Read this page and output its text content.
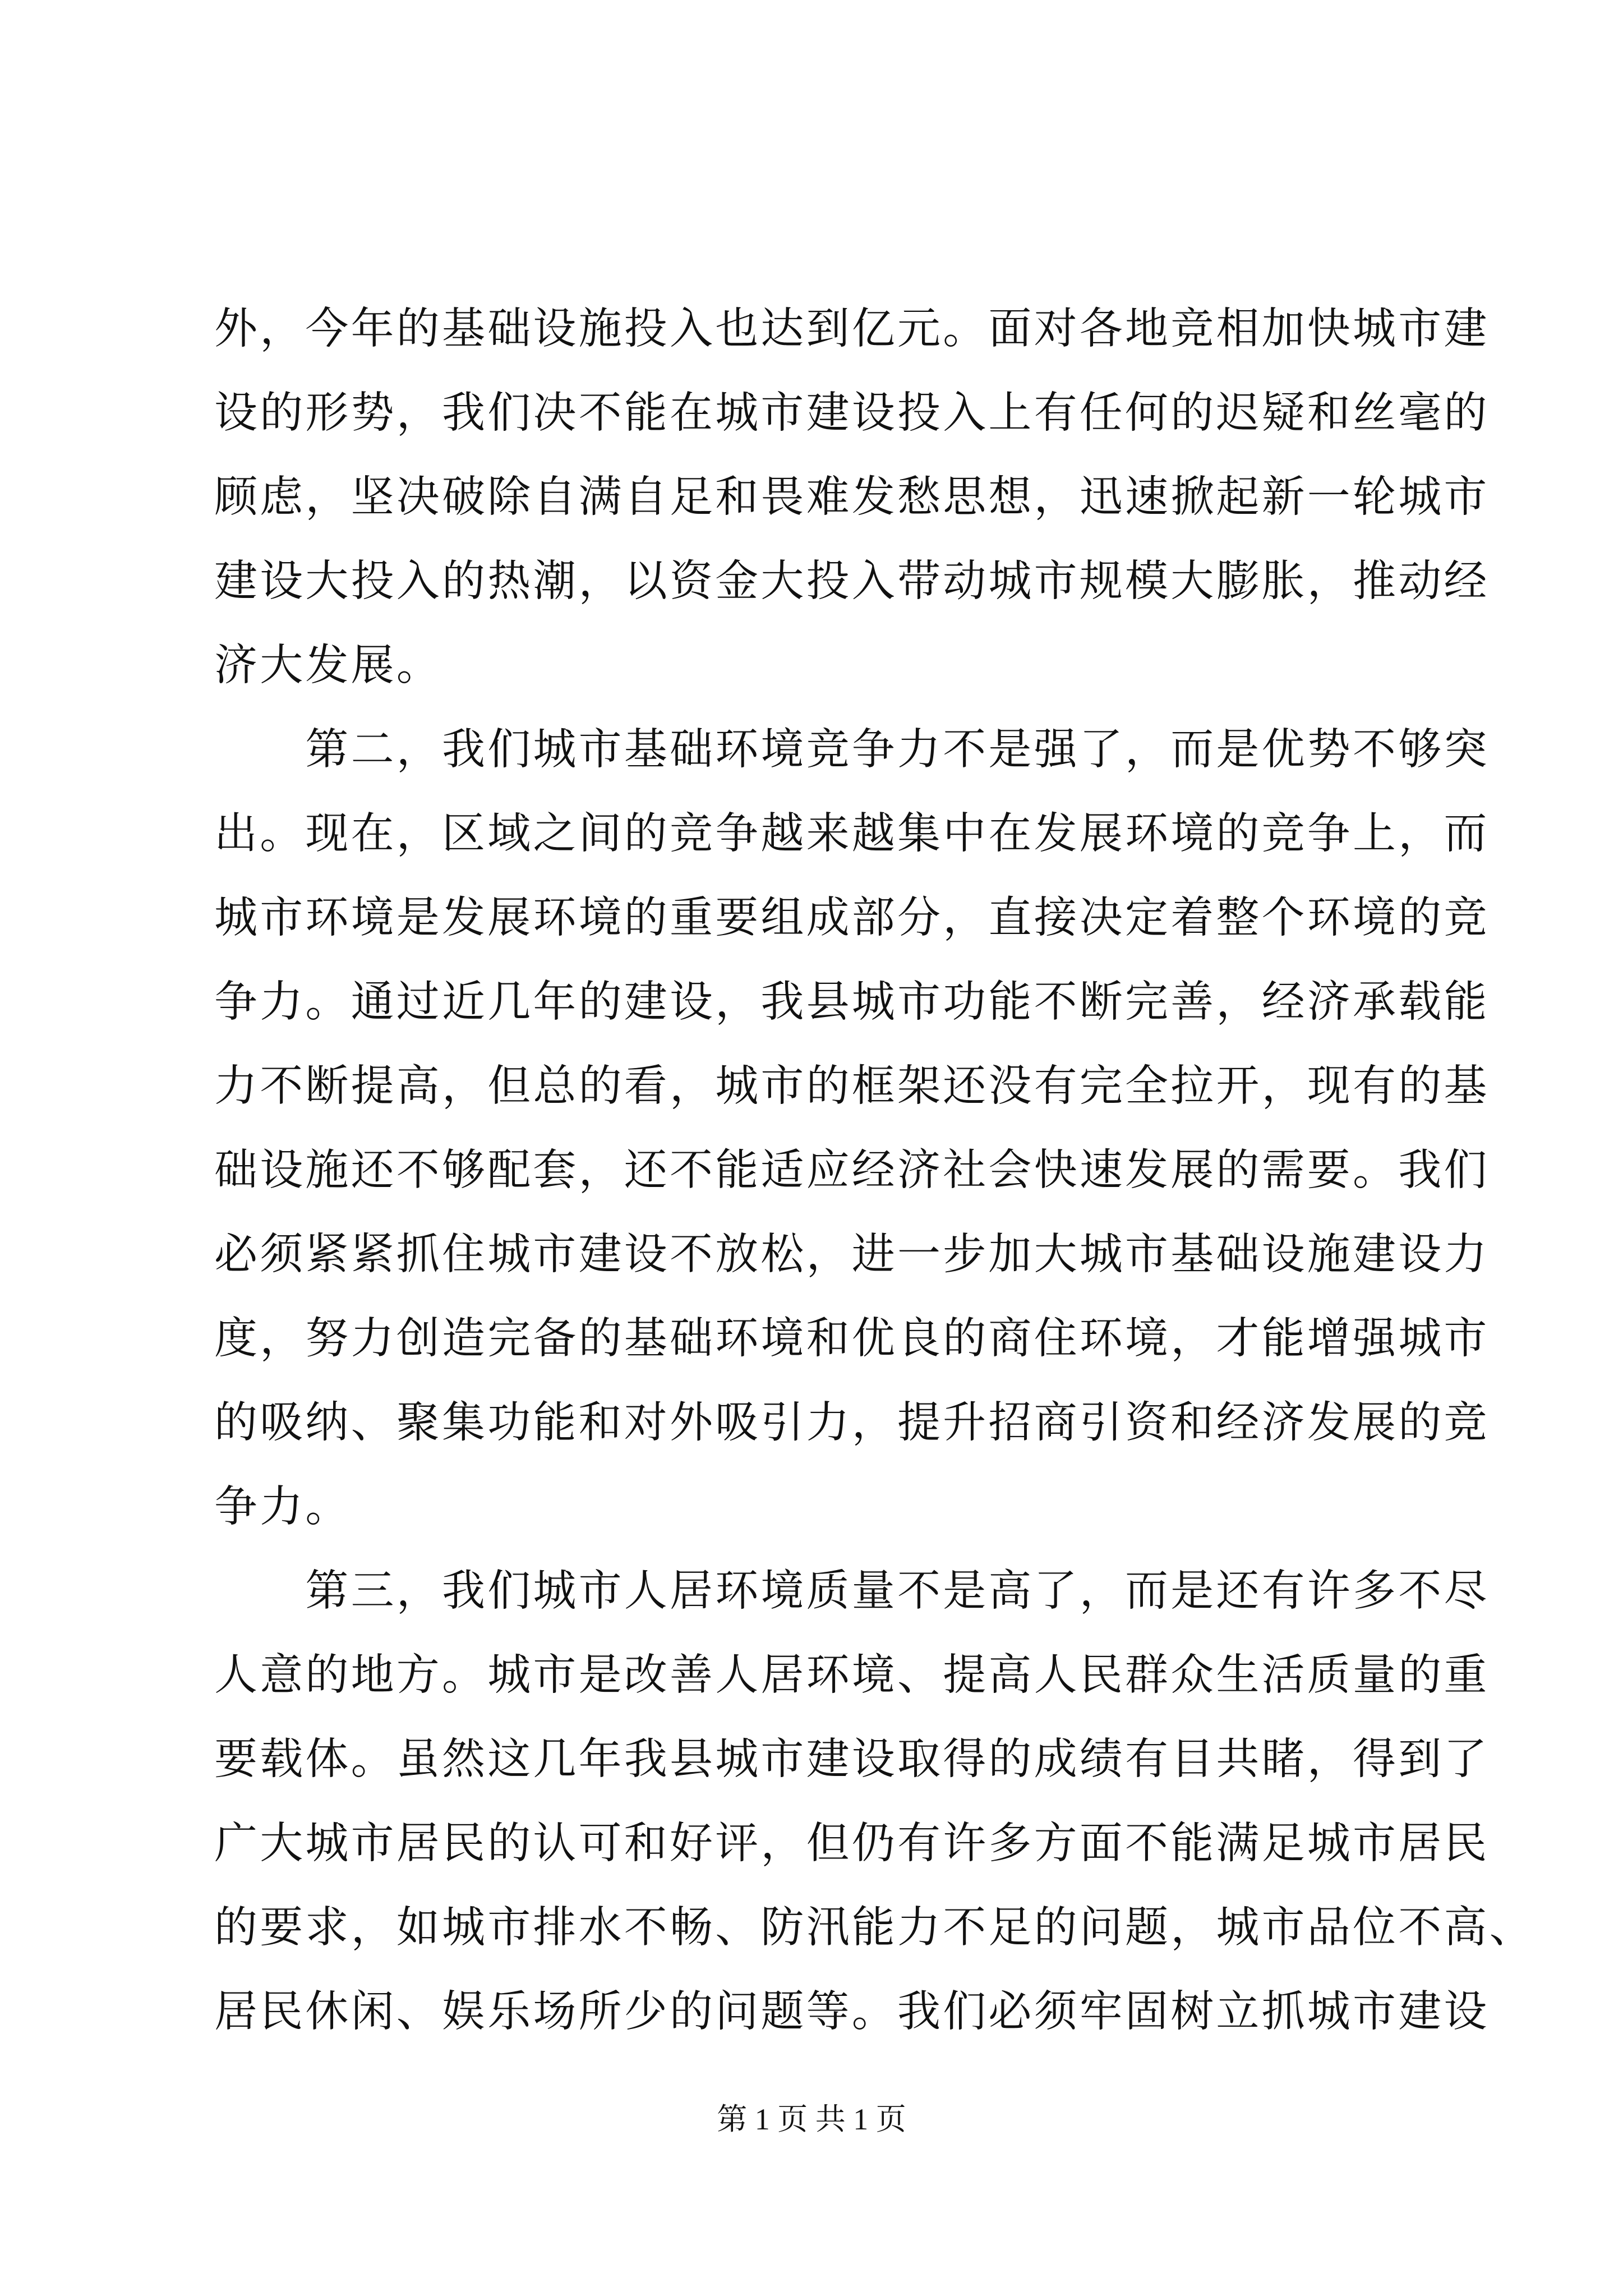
外，今年的基础设施投入也达到亿元。面对各地竞相加快城市建
设的形势，我们决不能在城市建设投入上有任何的迟疑和丝毫的
顾虑，坚决破除自满自足和畏难发愁思想，迅速掀起新一轮城市
建设大投入的热潮，以资金大投入带动城市规模大膨胀，推动经
济大发展。
　　第二，我们城市基础环境竞争力不是强了，而是优势不够突
出。现在，区域之间的竞争越来越集中在发展环境的竞争上，而
城市环境是发展环境的重要组成部分，直接决定着整个环境的竞
争力。通过近几年的建设，我县城市功能不断完善，经济承载能
力不断提高，但总的看，城市的框架还没有完全拉开，现有的基
础设施还不够配套，还不能适应经济社会快速发展的需要。我们
必须紧紧抓住城市建设不放松，进一步加大城市基础设施建设力
度，努力创造完备的基础环境和优良的商住环境，才能增强城市
的吸纳、聚集功能和对外吸引力，提升招商引资和经济发展的竞
争力。
　　第三，我们城市人居环境质量不是高了，而是还有许多不尽
人意的地方。城市是改善人居环境、提高人民群众生活质量的重
要载体。虽然这几年我县城市建设取得的成绩有目共睹，得到了
广大城市居民的认可和好评，但仍有许多方面不能满足城市居民
的要求，如城市排水不畅、防汛能力不足的问题，城市品位不高、
居民休闲、娱乐场所少的问题等。我们必须牢固树立抓城市建设
第 1 页 共 1 页
